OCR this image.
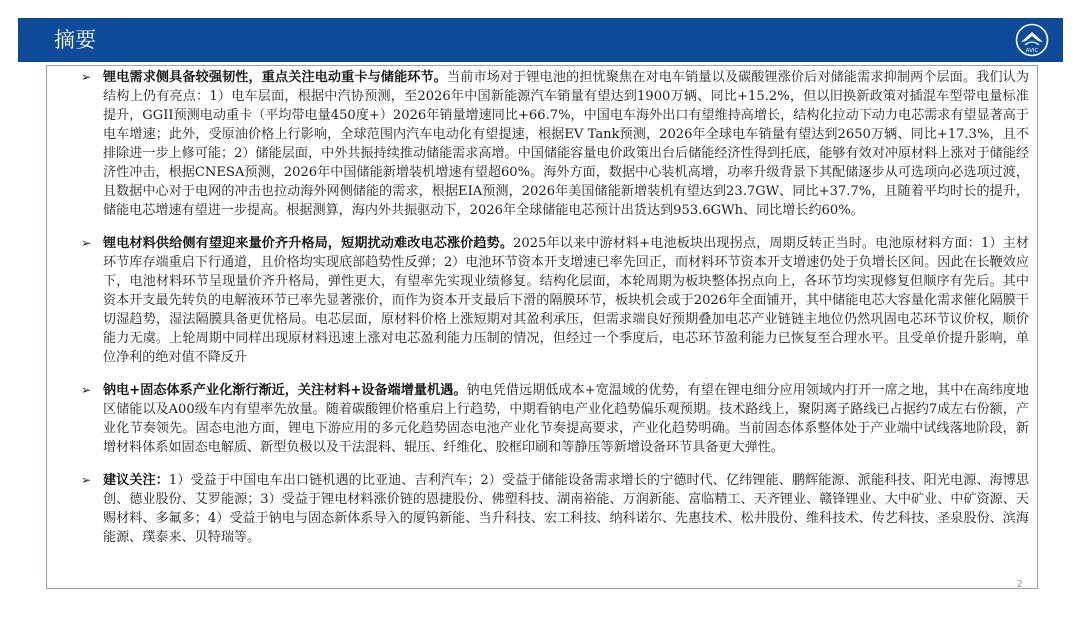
摘要	AVIC
➢ 锂电需求侧具备较强韧性，重点关注电动重卡与储能环节。当前市场对于锂电池的担忧聚焦在对电车销量以及碳酸锂涨价后对储能需求抑制两个层面。我们认为结构上仍有亮点：1）电车层面，根据中汽协预测，至2026年中国新能源汽车销量有望达到1900万辆、同比+15.2%，但以旧换新政策对插混车型带电量标准提升，GGII预测电动重卡（平均带电量450度+）2026年销量增速同比+66.7%，中国电车海外出口有望维持高增长，结构化拉动下动力电芯需求有望显著高于电车增速；此外，受原油价格上行影响，全球范围内汽车电动化有望提速，根据EV Tank预测，2026年全球电车销量有望达到2650万辆、同比+17.3%，且不排除进一步上修可能；2）储能层面，中外共振持续推动储能需求高增。中国储能容量电价政策出台后储能经济性得到托底，能够有效对冲原材料上涨对于储能经济性冲击，根据CNESA预测，2026年中国储能新增装机增速有望超60%。海外方面，数据中心装机高增，功率升级背景下其配储逐步从可选项向必选项过渡，且数据中心对于电网的冲击也拉动海外网侧储能的需求，根据EIA预测，2026年美国储能新增装机有望达到23.7GW、同比+37.7%，且随着平均时长的提升，储能电芯增速有望进一步提高。根据测算，海内外共振驱动下，2026年全球储能电芯预计出货达到953.6GWh、同比增长约60%。
➢ 锂电材料供给侧有望迎来量价齐升格局，短期扰动难改电芯涨价趋势。2025年以来中游材料+电池板块出现拐点，周期反转正当时。电池原材料方面：1）主材环节库存端重启下行通道，且价格均实现底部趋势性反弹；2）电池环节资本开支增速已率先回正，而材料环节资本开支增速仍处于负增长区间。因此在长鞭效应下，电池材料环节呈现量价齐升格局，弹性更大，有望率先实现业绩修复。结构化层面，本轮周期为板块整体拐点向上，各环节均实现修复但顺序有先后。其中资本开支最先转负的电解液环节已率先显著涨价，而作为资本开支最后下滑的隔膜环节，板块机会或于2026年全面铺开，其中储能电芯大容量化需求催化隔膜干切湿趋势，湿法隔膜具备更优格局。电芯层面，原材料价格上涨短期对其盈利承压，但需求端良好预期叠加电芯产业链链主地位仍然巩固电芯环节议价权，顺价能力无虞。上轮周期中同样出现原材料迅速上涨对电芯盈利能力压制的情况，但经过一个季度后，电芯环节盈利能力已恢复至合理水平。且受单价提升影响，单位净利的绝对值不降反升
➢ 钠电+固态体系产业化渐行渐近，关注材料+设备端增量机遇。钠电凭借远期低成本+宽温域的优势，有望在锂电细分应用领域内打开一席之地，其中在高纬度地区储能以及A00级车内有望率先放量。随着碳酸锂价格重启上行趋势，中期看钠电产业化趋势偏乐观预期。技术路线上，聚阴离子路线已占据约7成左右份额，产业化节奏领先。固态电池方面，锂电下游应用的多元化趋势固态电池产业化节奏提高要求，产业化趋势明确。当前固态体系整体处于产业端中试线落地阶段，新增材料体系如固态电解质、新型负极以及干法混料、辊压、纤维化、胶框印刷和等静压等新增设备环节具备更大弹性。
➢ 建议关注：1）受益于中国电车出口链机遇的比亚迪、吉利汽车；2）受益于储能设备需求增长的宁德时代、亿纬锂能、鹏辉能源、派能科技、阳光电源、海博思创、德业股份、艾罗能源；3）受益于锂电材料涨价链的恩捷股份、佛塑科技、湖南裕能、万润新能、富临精工、天齐锂业、赣锋锂业、大中矿业、中矿资源、天赐材料、多氟多；4）受益于钠电与固态新体系导入的厦钨新能、当升科技、宏工科技、纳科诺尔、先惠技术、松井股份、维科技术、传艺科技、圣泉股份、滨海能源、璞泰来、贝特瑞等。
2
